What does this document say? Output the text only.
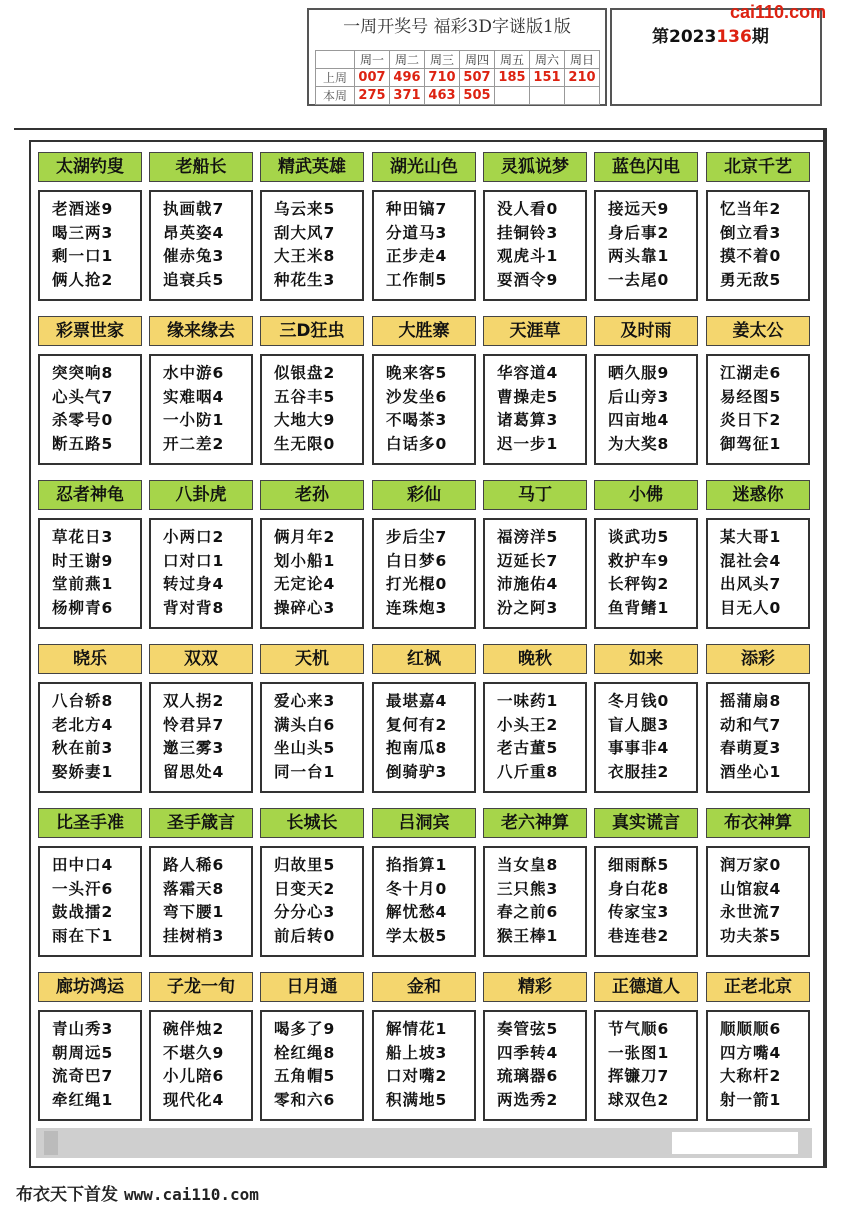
一周开奖号 福彩3D字谜版1版
	周一	周二	周三	周四	周五	周六	周日
上周	007	496	710	507	185	151	210
本周	275	371	463	505			
第2023136期
cai110.com
太湖钓叟
老酒迷9
喝三两3
剩一口1
俩人抢2
老船长
执画戟7
昂英姿4
催赤兔3
追衰兵5
精武英雄
乌云来5
刮大风7
大王米8
种花生3
湖光山色
种田镐7
分道马3
正步走4
工作制5
灵狐说梦
没人看0
挂铜铃3
观虎斗1
耍酒令9
蓝色闪电
接远天9
身后事2
两头靠1
一去尾0
北京千艺
忆当年2
倒立看3
摸不着0
勇无敌5
彩票世家
突突响8
心头气7
杀零号0
断五路5
缘来缘去
水中游6
实难咽4
一小防1
开二差2
三D狂虫
似银盘2
五谷丰5
大地大9
生无限0
大胜寨
晚来客5
沙发坐6
不喝茶3
白话多0
天涯草
华容道4
曹操走5
诸葛算3
迟一步1
及时雨
晒久服9
后山旁3
四亩地4
为大奖8
姜太公
江湖走6
易经图5
炎日下2
御驾征1
忍者神龟
草花日3
时王谢9
堂前燕1
杨柳青6
八卦虎
小两口2
口对口1
转过身4
背对背8
老孙
俩月年2
划小船1
无定论4
操碎心3
彩仙
步后尘7
白日梦6
打光棍0
连珠炮3
马丁
福滂洋5
迈延长7
沛施佑4
汾之阿3
小佛
谈武功5
救护车9
长秤钩2
鱼背鳍1
迷惑你
某大哥1
混社会4
出风头7
目无人0
晓乐
八台轿8
老北方4
秋在前3
娶娇妻1
双双
双人拐2
怜君异7
邀三雾3
留思处4
天机
爱心来3
满头白6
坐山头5
同一台1
红枫
最堪嘉4
复何有2
抱南瓜8
倒骑驴3
晚秋
一味药1
小头王2
老古董5
八斤重8
如来
冬月钱0
盲人腿3
事事非4
衣服挂2
添彩
摇蒲扇8
动和气7
春萌夏3
酒坐心1
比圣手准
田中口4
一头汗6
鼓战擂2
雨在下1
圣手箴言
路人稀6
落霜天8
弯下腰1
挂树梢3
长城长
归故里5
日变天2
分分心3
前后转0
吕洞宾
掐指算1
冬十月0
解忧愁4
学太极5
老六神算
当女皇8
三只熊3
春之前6
猴王棒1
真实谎言
细雨酥5
身白花8
传家宝3
巷连巷2
布衣神算
润万家0
山馆寂4
永世流7
功夫茶5
廊坊鸿运
青山秀3
朝周远5
流奇巴7
牵红绳1
子龙一旬
碗伴烛2
不堪久9
小儿陪6
现代化4
日月通
喝多了9
栓红绳8
五角帽5
零和六6
金和
解情花1
船上坡3
口对嘴2
积满地5
精彩
奏管弦5
四季转4
琉璃器6
两选秀2
正德道人
节气顺6
一张图1
挥镰刀7
球双色2
正老北京
顺顺顺6
四方嘴4
大称杆2
射一箭1
布衣天下首发 www.cai110.com
